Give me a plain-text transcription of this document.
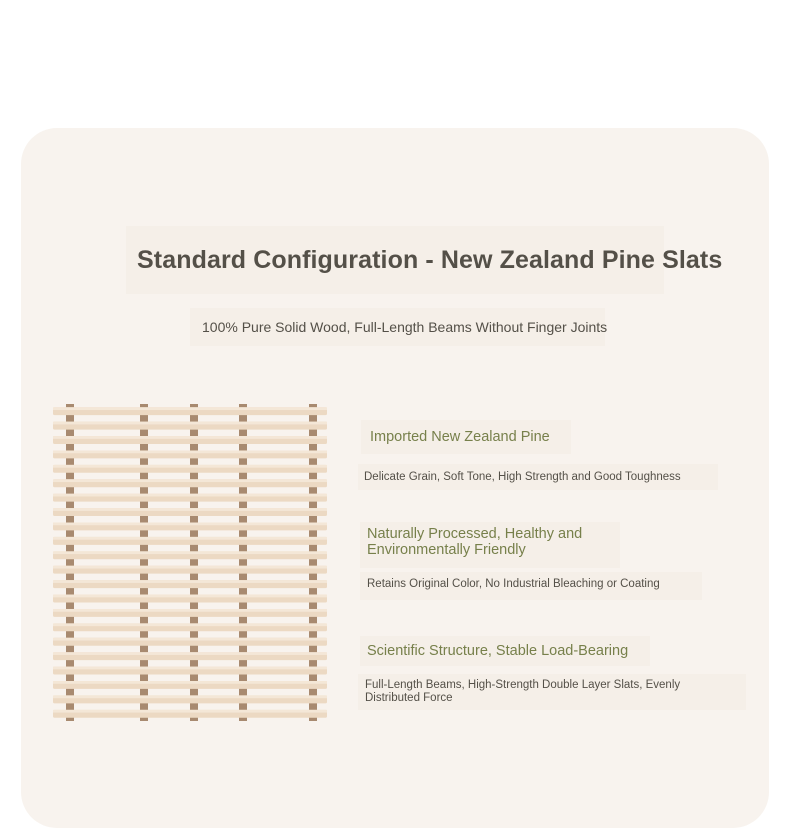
Standard Configuration - New Zealand Pine Slats
100% Pure Solid Wood, Full-Length Beams Without Finger Joints
Imported New Zealand Pine
Delicate Grain, Soft Tone, High Strength and Good Toughness
Naturally Processed, Healthy and Environmentally Friendly
Retains Original Color, No Industrial Bleaching or Coating
Scientific Structure, Stable Load-Bearing
Full-Length Beams, High-Strength Double Layer Slats, Evenly Distributed Force
